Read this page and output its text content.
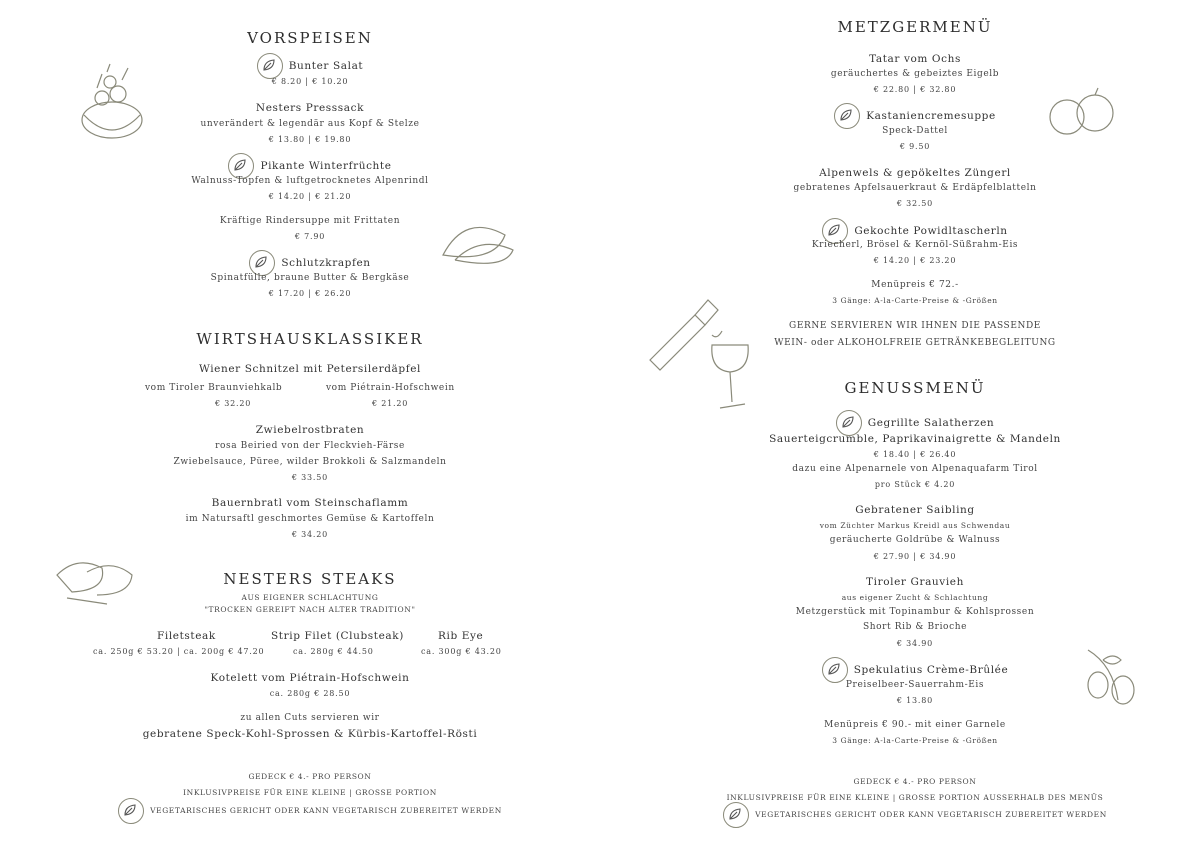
VORSPEISEN
Bunter Salat
€ 8.20 | € 10.20
Nesters Presssack
unverändert & legendär aus Kopf & Stelze
€ 13.80 | € 19.80
Pikante Winterfrüchte
Walnuss-Topfen & luftgetrocknetes Alpenrindl
€ 14.20 | € 21.20
Kräftige Rindersuppe mit Frittaten
€ 7.90
Schlutzkrapfen
Spinatfülle, braune Butter & Bergkäse
€ 17.20 | € 26.20
WIRTSHAUSKLASSIKER
Wiener Schnitzel mit Petersilerdäpfel
vom Tiroler Braunviehkalb
€ 32.20
vom Piétrain-Hofschwein
€ 21.20
Zwiebelrostbraten
rosa Beiried von der Fleckvieh-Färse
Zwiebelsauce, Püree, wilder Brokkoli & Salzmandeln
€ 33.50
Bauernbratl vom Steinschaflamm
im Natursaftl geschmortes Gemüse & Kartoffeln
€ 34.20
NESTERS STEAKS
AUS EIGENER SCHLACHTUNG
"TROCKEN GEREIFT NACH ALTER TRADITION"
Filetsteak
ca. 250g € 53.20 | ca. 200g € 47.20
Strip Filet (Clubsteak)
ca. 280g € 44.50
Rib Eye
ca. 300g € 43.20
Kotelett vom Piétrain-Hofschwein
ca. 280g € 28.50
zu allen Cuts servieren wir
gebratene Speck-Kohl-Sprossen & Kürbis-Kartoffel-Rösti
GEDECK € 4.- PRO PERSON
INKLUSIVPREISE FÜR EINE KLEINE | GROSSE PORTION
VEGETARISCHES GERICHT ODER KANN VEGETARISCH ZUBEREITET WERDEN
METZGERMENÜ
Tatar vom Ochs
geräuchertes & gebeiztes Eigelb
€ 22.80 | € 32.80
Kastaniencremesuppe
Speck-Dattel
€ 9.50
Alpenwels & gepökeltes Züngerl
gebratenes Apfelsauerkraut & Erdäpfelblatteln
€ 32.50
Gekochte Powidltascherln
Kriecherl, Brösel & Kernöl-Süßrahm-Eis
€ 14.20 | € 23.20
Menüpreis € 72.-
3 Gänge: A-la-Carte-Preise & -Größen
GERNE SERVIEREN WIR IHNEN DIE PASSENDE
WEIN- oder ALKOHOLFREIE GETRÄNKEBEGLEITUNG
GENUSSMENÜ
Gegrillte Salatherzen
Sauerteigcrumble, Paprikavinaigrette & Mandeln
€ 18.40 | € 26.40
dazu eine Alpenarnele von Alpenaquafarm Tirol
pro Stück € 4.20
Gebratener Saibling
vom Züchter Markus Kreidl aus Schwendau
geräucherte Goldrübe & Walnuss
€ 27.90 | € 34.90
Tiroler Grauvieh
aus eigener Zucht & Schlachtung
Metzgerstück mit Topinambur & Kohlsprossen
Short Rib & Brioche
€ 34.90
Spekulatius Crème-Brûlée
Preiselbeer-Sauerrahm-Eis
€ 13.80
Menüpreis € 90.- mit einer Garnele
3 Gänge: A-la-Carte-Preise & -Größen
GEDECK € 4.- PRO PERSON
INKLUSIVPREISE FÜR EINE KLEINE | GROSSE PORTION AUSSERHALB DES MENÜS
VEGETARISCHES GERICHT ODER KANN VEGETARISCH ZUBEREITET WERDEN
